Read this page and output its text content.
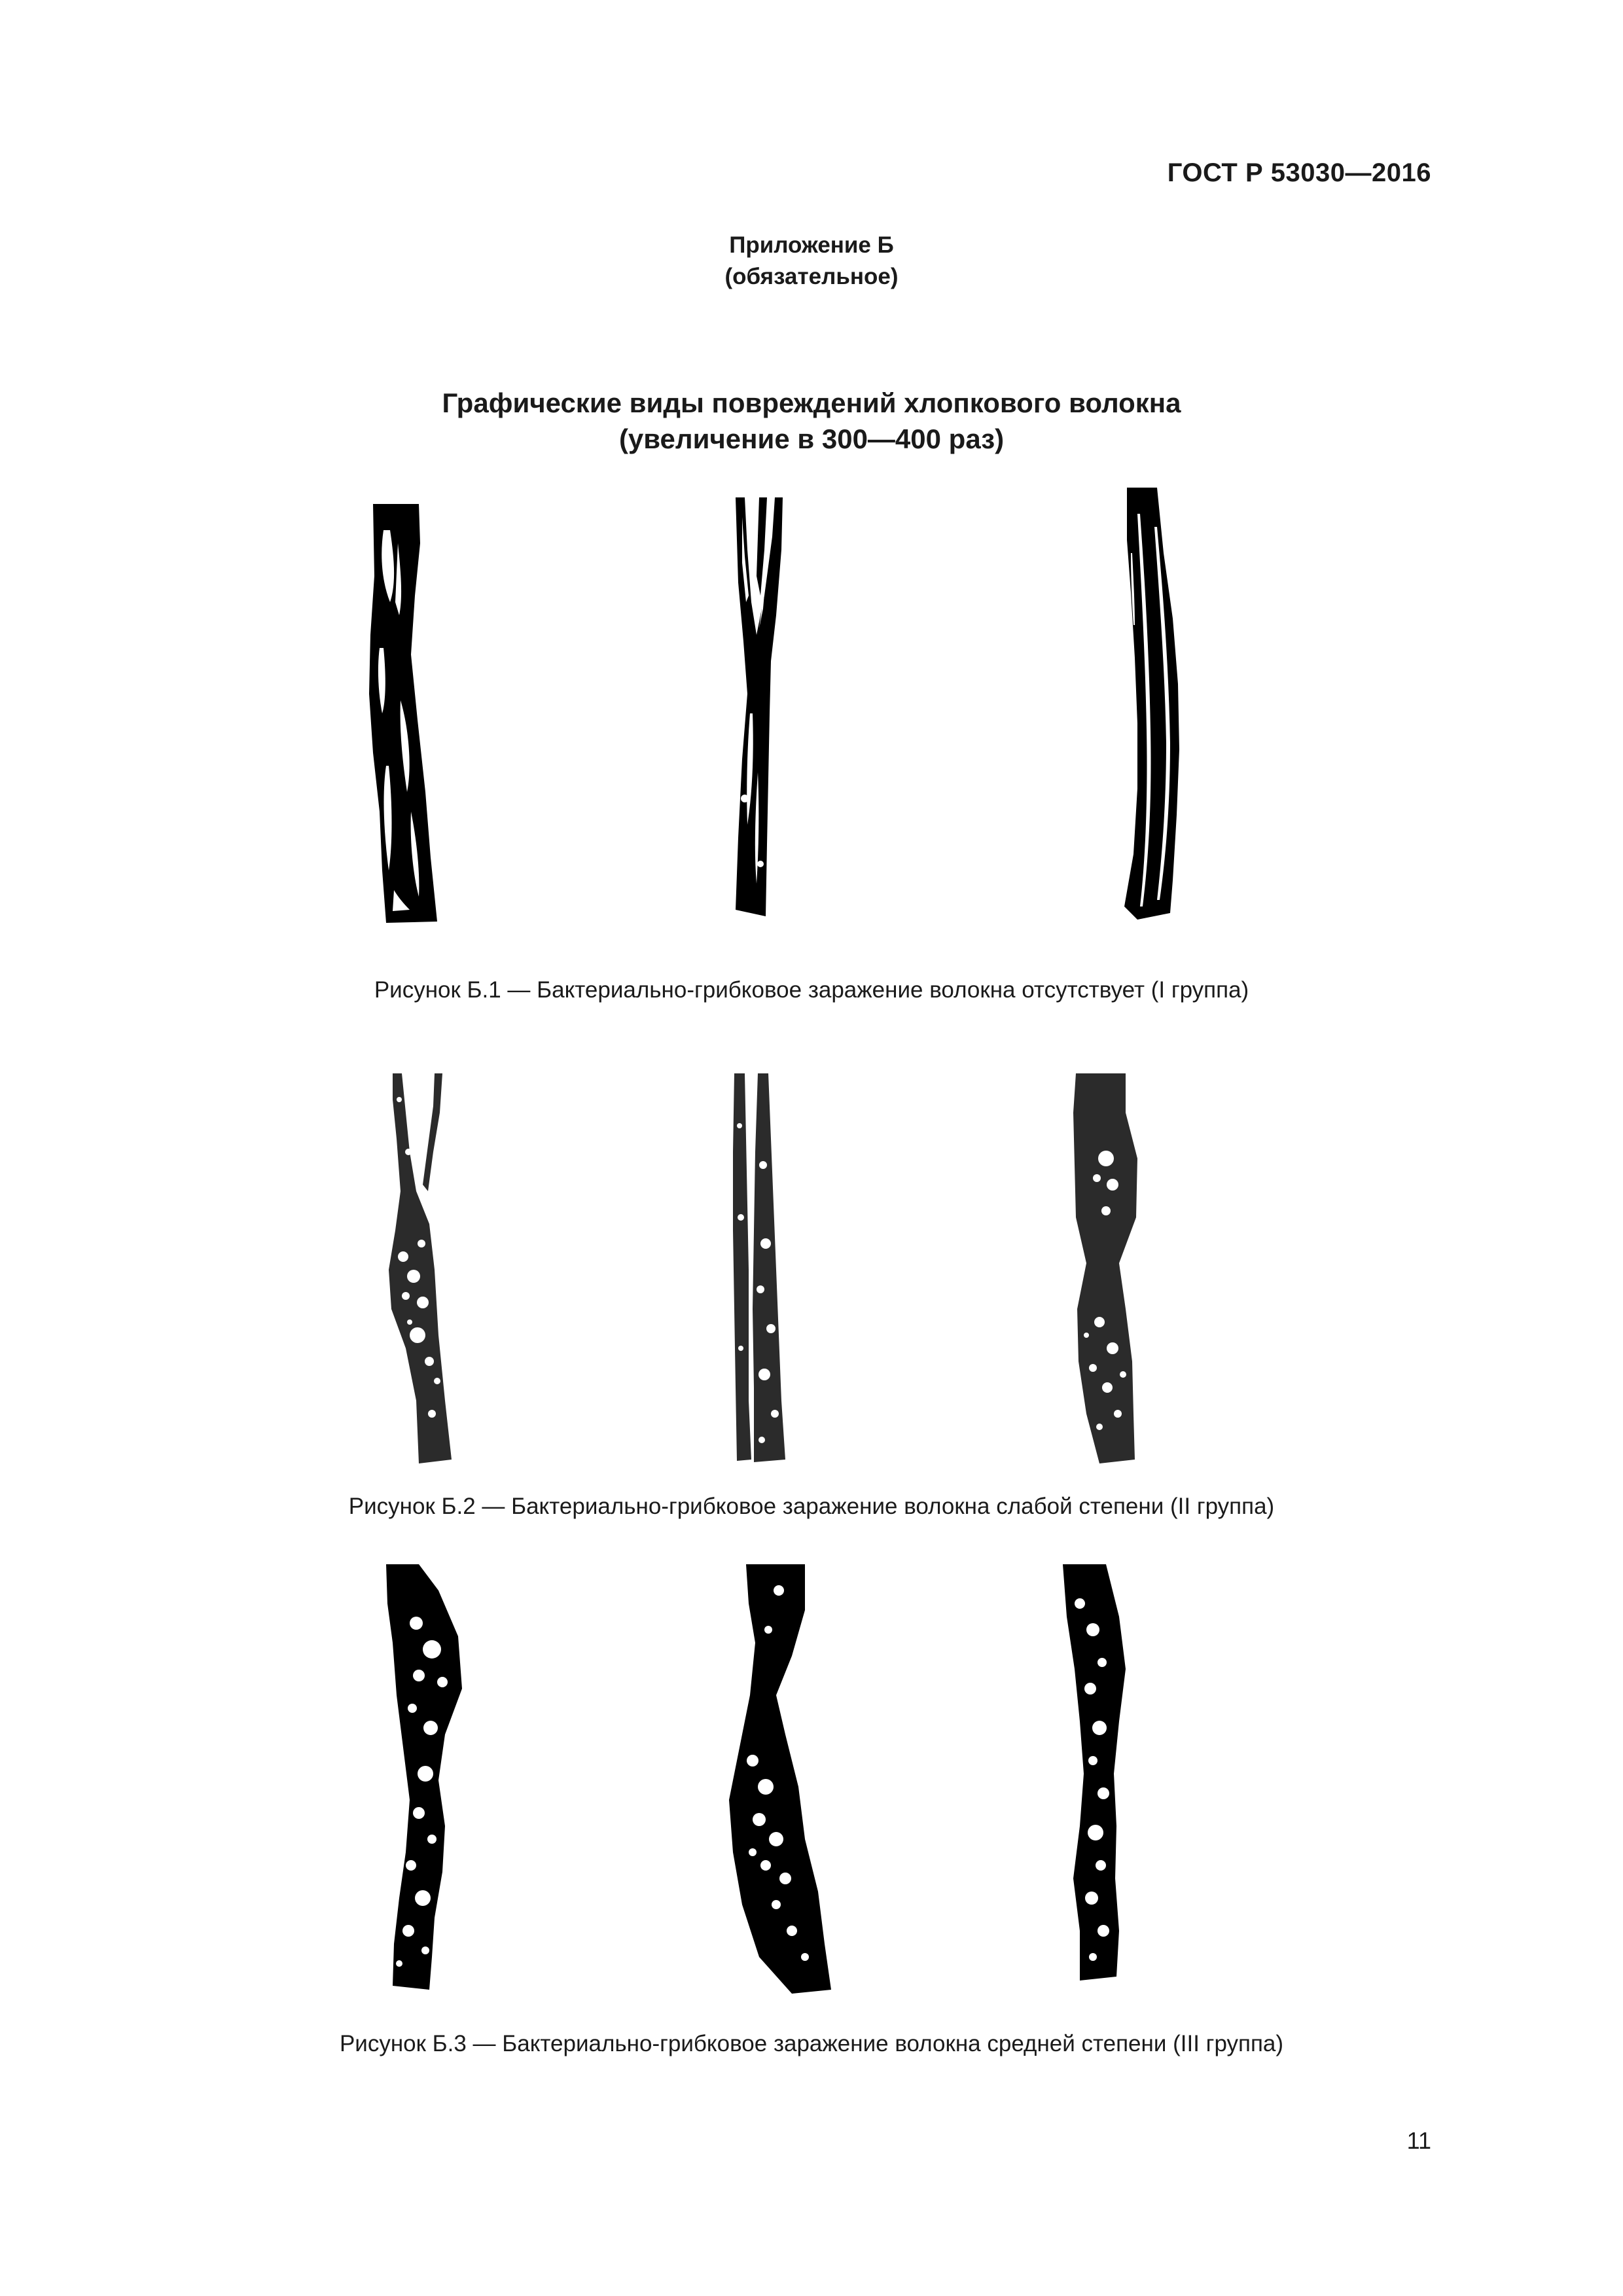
ГОСТ Р 53030—2016
Приложение Б
(обязательное)
Графические виды повреждений хлопкового волокна
(увеличение в 300—400 раз)
Рисунок Б.1 — Бактериально-грибковое заражение волокна отсутствует (I группа)
Рисунок Б.2 — Бактериально-грибковое заражение волокна слабой степени (II группа)
Рисунок Б.3 — Бактериально-грибковое заражение волокна средней степени (III группа)
11
